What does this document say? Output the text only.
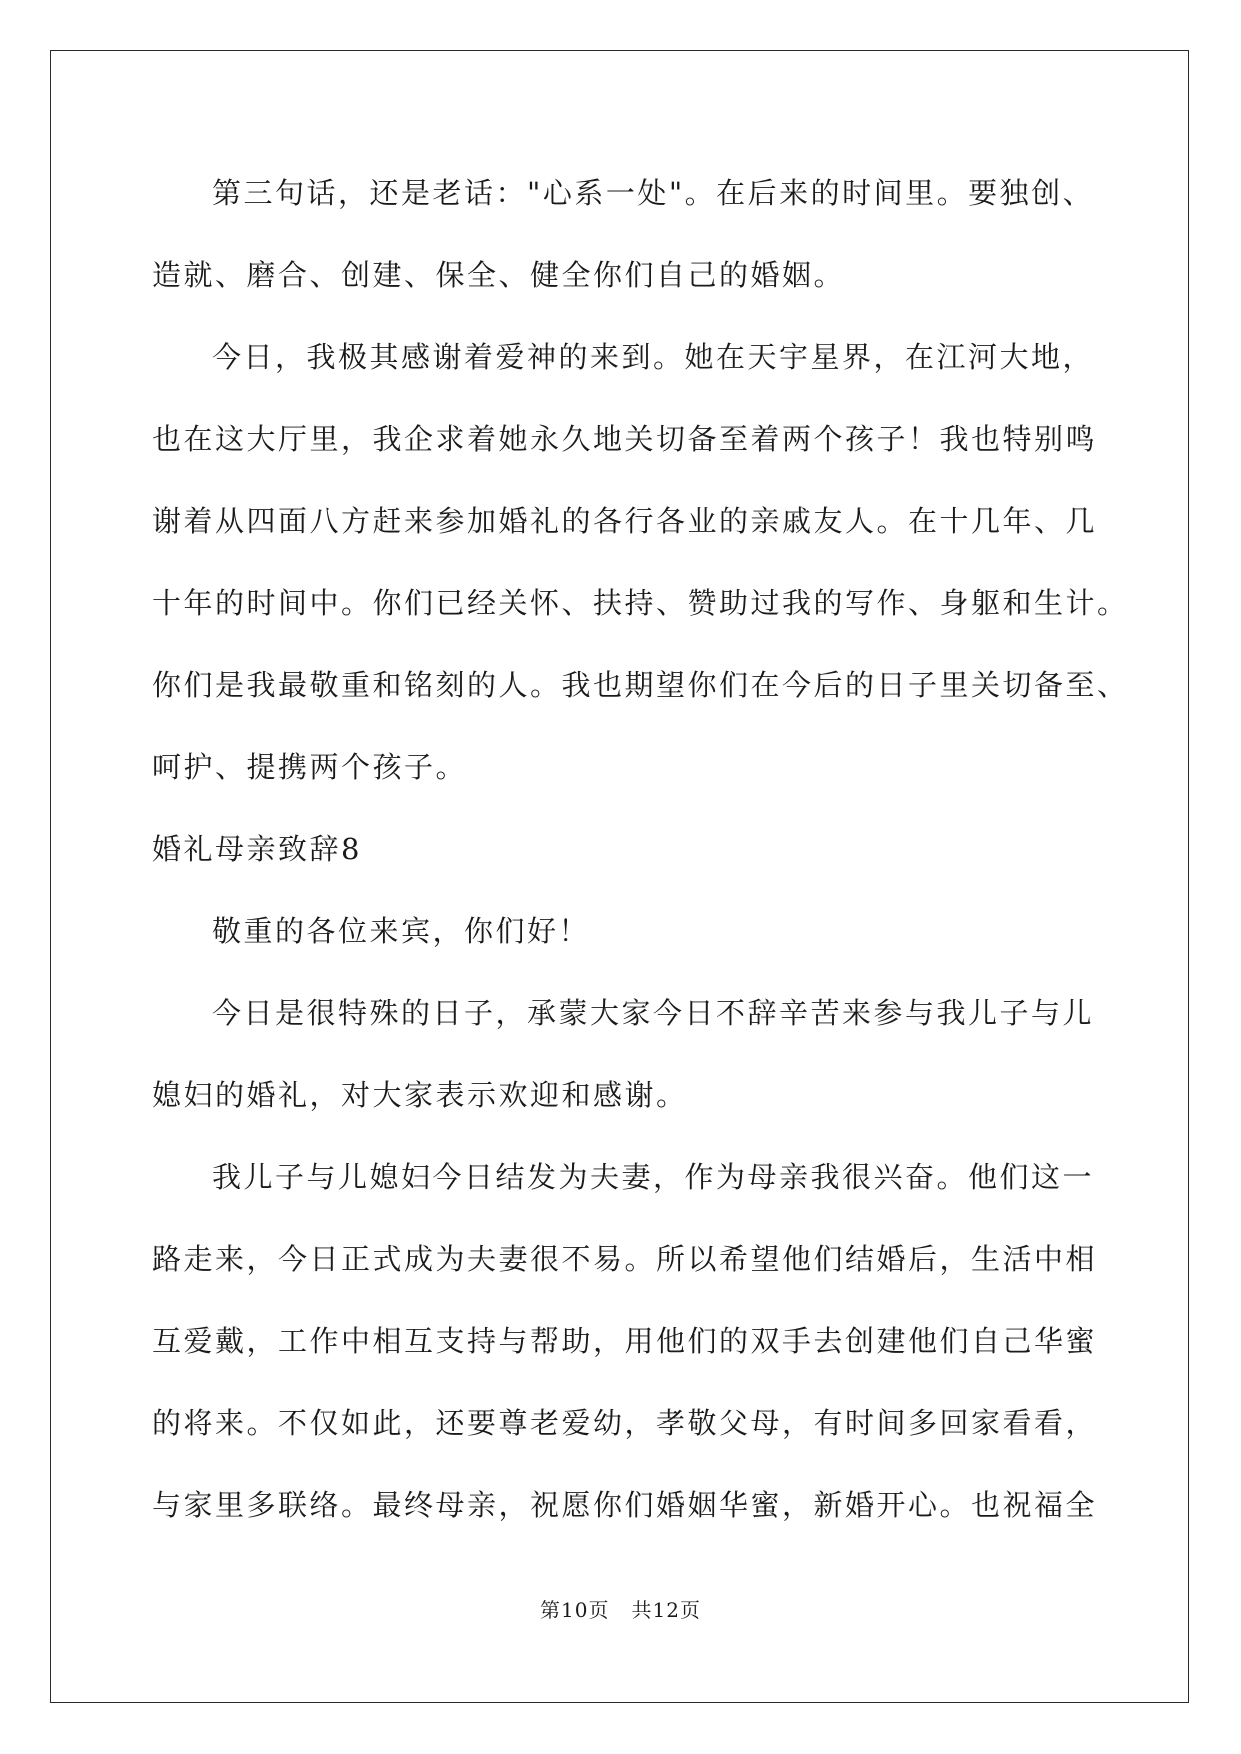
第三句话，还是老话："心系一处"。在后来的时间里。要独创、
造就、磨合、创建、保全、健全你们自己的婚姻。

今日，我极其感谢着爱神的来到。她在天宇星界，在江河大地，
也在这大厅里，我企求着她永久地关切备至着两个孩子！我也特别鸣
谢着从四面八方赶来参加婚礼的各行各业的亲戚友人。在十几年、几
十年的时间中。你们已经关怀、扶持、赞助过我的写作、身躯和生计。
你们是我最敬重和铭刻的人。我也期望你们在今后的日子里关切备至、
呵护、提携两个孩子。

婚礼母亲致辞8

敬重的各位来宾，你们好！

今日是很特殊的日子，承蒙大家今日不辞辛苦来参与我儿子与儿
媳妇的婚礼，对大家表示欢迎和感谢。

我儿子与儿媳妇今日结发为夫妻，作为母亲我很兴奋。他们这一
路走来，今日正式成为夫妻很不易。所以希望他们结婚后，生活中相
互爱戴，工作中相互支持与帮助，用他们的双手去创建他们自己华蜜
的将来。不仅如此，还要尊老爱幼，孝敬父母，有时间多回家看看，
与家里多联络。最终母亲，祝愿你们婚姻华蜜，新婚开心。也祝福全

第10页 共12页
